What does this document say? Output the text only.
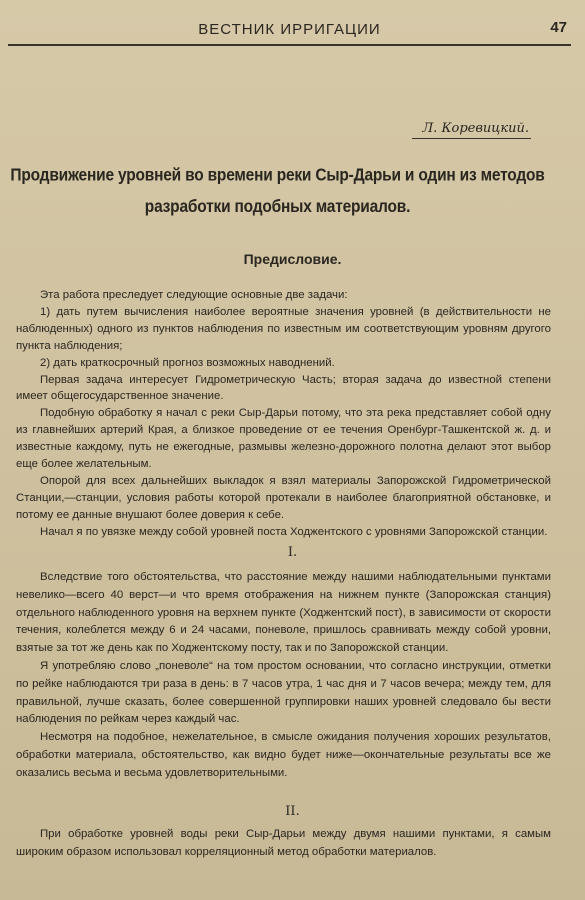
ВЕСТНИК ИРРИГАЦИИ	47
Л. Коревицкий.
Продвижение уровней во времени реки Сыр-Дарьи и один из методов разработки подобных материалов.
Предисловие.

Эта работа преследует следующие основные две задачи:

1) дать путем вычисления наиболее вероятные значения уровней (в действительности не наблюденных) одного из пунктов наблюдения по известным им соответствующим уровням другого пункта наблюдения;

2) дать краткосрочный прогноз возможных наводнений.

Первая задача интересует Гидрометрическую Часть; вторая задача до известной степени имеет общегосударственное значение.

Подобную обработку я начал с реки Сыр-Дарьи потому, что эта река представляет собой одну из главнейших артерий Края, а близкое проведение от ее течения Оренбург-Ташкентской ж. д. и известные каждому, путь не ежегодные, размывы железно-дорожного полотна делают этот выбор еще более желательным.

Опорой для всех дальнейших выкладок я взял материалы Запорожской Гидрометрической Станции,—станции, условия работы которой протекали в наиболее благоприятной обстановке, и потому ее данные внушают более доверия к себе.

Начал я по увязке между собой уровней поста Ходжентского с уровнями Запорожской станции.

I.

Вследствие того обстоятельства, что расстояние между нашими наблюдательными пунктами невелико—всего 40 верст—и что время отображения на нижнем пункте (Запорожская станция) отдельного наблюденного уровня на верхнем пункте (Ходжентский пост), в зависимости от скорости течения, колеблется между 6 и 24 часами, поневоле, пришлось сравнивать между собой уровни, взятые за тот же день как по Ходжентскому посту, так и по Запорожской станции.

Я употребляю слово „поневоле“ на том простом основании, что согласно инструкции, отметки по рейке наблюдаются три раза в день: в 7 часов утра, 1 час дня и 7 часов вечера; между тем, для правильной, лучше сказать, более совершенной группировки наших уровней следовало бы вести наблюдения по рейкам через каждый час.

Несмотря на подобное, нежелательное, в смысле ожидания получения хороших результатов, обработки материала, обстоятельство, как видно будет ниже—окончательные результаты все же оказались весьма и весьма удовлетворительными.

II.

При обработке уровней воды реки Сыр-Дарьи между двумя нашими пунктами, я самым широким образом использовал корреляционный метод обработки материалов.
